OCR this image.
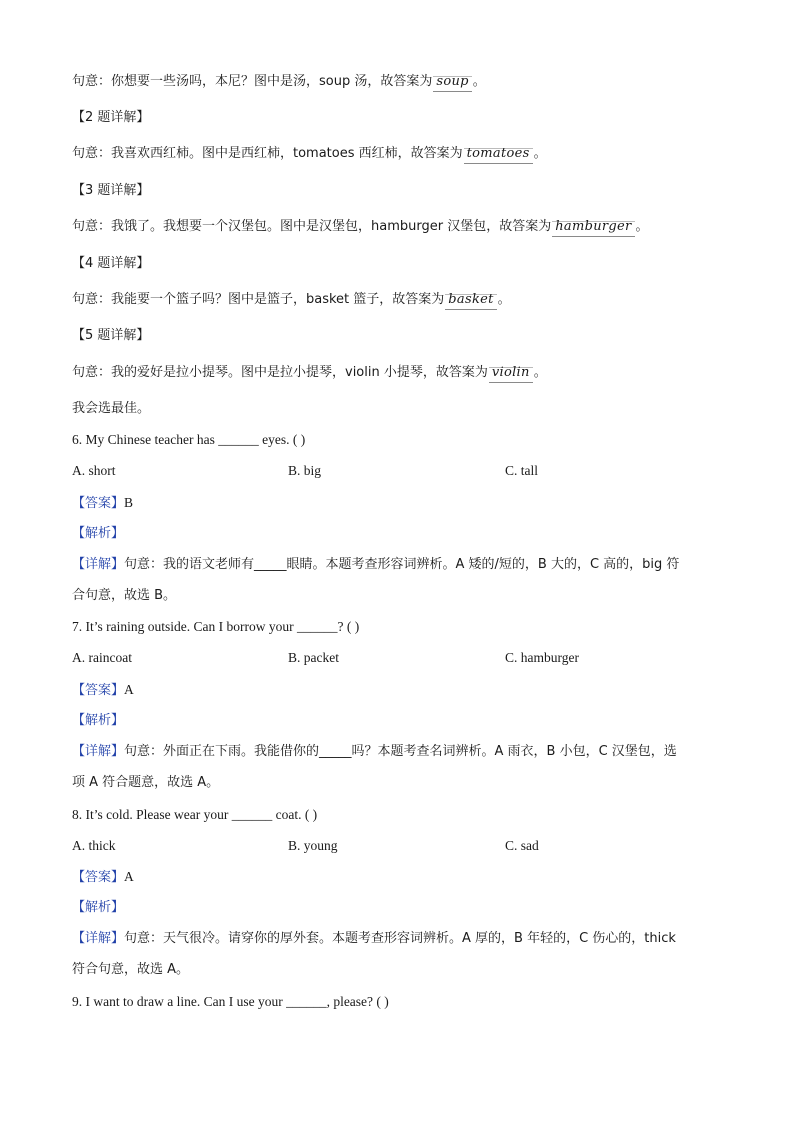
句意：你想要一些汤吗，本尼？图中是汤，soup 汤，故答案为 soup 。
【2 题详解】
句意：我喜欢西红柿。图中是西红柿，tomatoes 西红柿，故答案为 tomatoes 。
【3 题详解】
句意：我饿了。我想要一个汉堡包。图中是汉堡包，hamburger 汉堡包，故答案为 hamburger 。
【4 题详解】
句意：我能要一个篮子吗？图中是篮子，basket 篮子，故答案为 basket 。
【5 题详解】
句意：我的爱好是拉小提琴。图中是拉小提琴，violin 小提琴，故答案为 violin 。
我会选最佳。
6. My Chinese teacher has ______ eyes. ( )
A. short	B. big	C. tall
【答案】B
【解析】
【详解】句意：我的语文老师有_____眼睛。本题考查形容词辨析。A 矮的/短的，B 大的，C 高的，big 符
合句意，故选 B。
7. It’s raining outside. Can I borrow your ______? ( )
A. raincoat	B. packet	C. hamburger
【答案】A
【解析】
【详解】句意：外面正在下雨。我能借你的_____吗？本题考查名词辨析。A 雨衣，B 小包，C 汉堡包，选
项 A 符合题意，故选 A。
8. It’s cold. Please wear your ______ coat. ( )
A. thick	B. young	C. sad
【答案】A
【解析】
【详解】句意：天气很冷。请穿你的厚外套。本题考查形容词辨析。A 厚的，B 年轻的，C 伤心的，thick
符合句意，故选 A。
9. I want to draw a line. Can I use your ______, please? ( )
